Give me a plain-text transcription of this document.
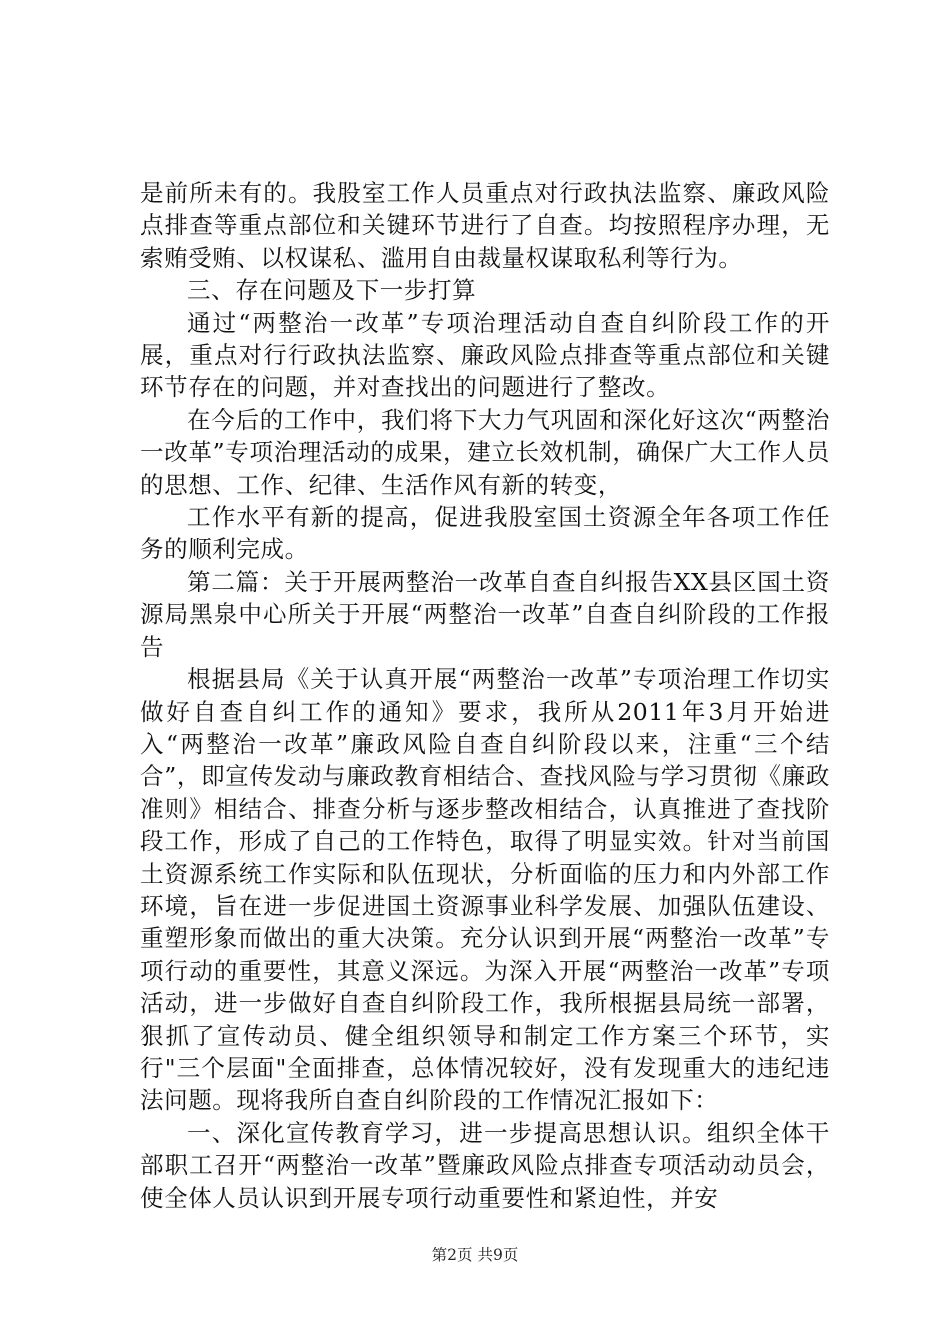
是前所未有的。我股室工作人员重点对行政执法监察、廉政风险点排查等重点部位和关键环节进行了自查。均按照程序办理，无索贿受贿、以权谋私、滥用自由裁量权谋取私利等行为。

三、存在问题及下一步打算

通过“两整治一改革”专项治理活动自查自纠阶段工作的开展，重点对行行政执法监察、廉政风险点排查等重点部位和关键环节存在的问题，并对查找出的问题进行了整改。

在今后的工作中，我们将下大力气巩固和深化好这次“两整治一改革”专项治理活动的成果，建立长效机制，确保广大工作人员的思想、工作、纪律、生活作风有新的转变，

工作水平有新的提高，促进我股室国土资源全年各项工作任务的顺利完成。

第二篇：关于开展两整治一改革自查自纠报告XX县区国土资源局黑泉中心所关于开展“两整治一改革”自查自纠阶段的工作报告

根据县局《关于认真开展“两整治一改革”专项治理工作切实做好自查自纠工作的通知》要求，我所从2011年3月开始进入“两整治一改革”廉政风险自查自纠阶段以来，注重“三个结合”，即宣传发动与廉政教育相结合、查找风险与学习贯彻《廉政准则》相结合、排查分析与逐步整改相结合，认真推进了查找阶段工作，形成了自己的工作特色，取得了明显实效。针对当前国土资源系统工作实际和队伍现状，分析面临的压力和内外部工作环境，旨在进一步促进国土资源事业科学发展、加强队伍建设、重塑形象而做出的重大决策。充分认识到开展“两整治一改革”专项行动的重要性，其意义深远。为深入开展“两整治一改革”专项活动，进一步做好自查自纠阶段工作，我所根据县局统一部署，狠抓了宣传动员、健全组织领导和制定工作方案三个环节，实行"三个层面"全面排查，总体情况较好，没有发现重大的违纪违法问题。现将我所自查自纠阶段的工作情况汇报如下：

一、深化宣传教育学习，进一步提高思想认识。组织全体干部职工召开“两整治一改革”暨廉政风险点排查专项活动动员会，使全体人员认识到开展专项行动重要性和紧迫性，并安

第2页 共9页
